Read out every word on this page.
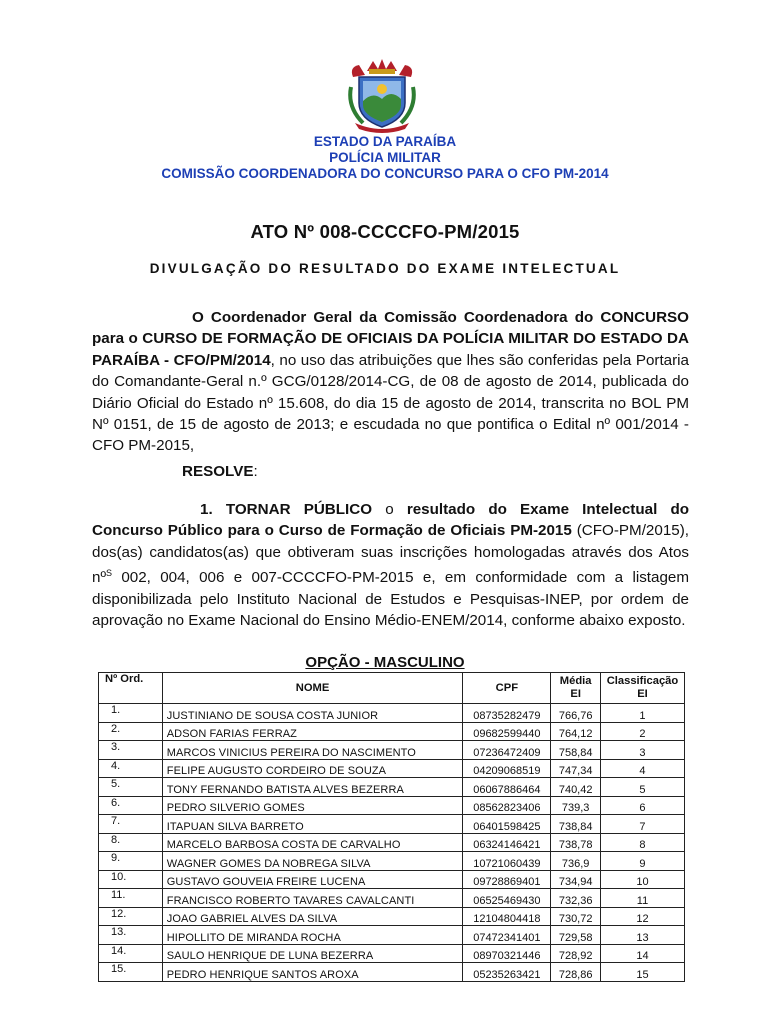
ESTADO DA PARAÍBA
POLÍCIA MILITAR
COMISSÃO COORDENADORA DO CONCURSO PARA O CFO PM-2014
ATO Nº 008-CCCCFO-PM/2015
DIVULGAÇÃO DO RESULTADO DO EXAME INTELECTUAL
O Coordenador Geral da Comissão Coordenadora do CONCURSO para o CURSO DE FORMAÇÃO DE OFICIAIS DA POLÍCIA MILITAR DO ESTADO DA PARAÍBA - CFO/PM/2014, no uso das atribuições que lhes são conferidas pela Portaria do Comandante-Geral n.º GCG/0128/2014-CG, de 08 de agosto de 2014, publicada do Diário Oficial do Estado nº 15.608, do dia 15 de agosto de 2014, transcrita no BOL PM Nº 0151, de 15 de agosto de 2013; e escudada no que pontifica o Edital nº 001/2014 - CFO PM-2015,
RESOLVE:
1. TORNAR PÚBLICO o resultado do Exame Intelectual do Concurso Público para o Curso de Formação de Oficiais PM-2015 (CFO-PM/2015), dos(as) candidatos(as) que obtiveram suas inscrições homologadas através dos Atos nº$^S$ 002, 004, 006 e 007-CCCCFO-PM-2015 e, em conformidade com a listagem disponibilizada pelo Instituto Nacional de Estudos e Pesquisas-INEP, por ordem de aprovação no Exame Nacional do Ensino Médio-ENEM/2014, conforme abaixo exposto.
OPÇÃO - MASCULINO
Nº Ord.	NOME	CPF	Média EI	Classificação EI
1.	JUSTINIANO DE SOUSA COSTA JUNIOR	08735282479	766,76	1
2.	ADSON FARIAS FERRAZ	09682599440	764,12	2
3.	MARCOS VINICIUS PEREIRA DO NASCIMENTO	07236472409	758,84	3
4.	FELIPE AUGUSTO CORDEIRO DE SOUZA	04209068519	747,34	4
5.	TONY FERNANDO BATISTA ALVES BEZERRA	06067886464	740,42	5
6.	PEDRO SILVERIO GOMES	08562823406	739,3	6
7.	ITAPUAN SILVA BARRETO	06401598425	738,84	7
8.	MARCELO BARBOSA COSTA DE CARVALHO	06324146421	738,78	8
9.	WAGNER GOMES DA NOBREGA SILVA	10721060439	736,9	9
10.	GUSTAVO GOUVEIA FREIRE LUCENA	09728869401	734,94	10
11.	FRANCISCO ROBERTO TAVARES CAVALCANTI	06525469430	732,36	11
12.	JOAO GABRIEL ALVES DA SILVA	12104804418	730,72	12
13.	HIPOLLITO DE MIRANDA ROCHA	07472341401	729,58	13
14.	SAULO HENRIQUE DE LUNA BEZERRA	08970321446	728,92	14
15.	PEDRO HENRIQUE SANTOS AROXA	05235263421	728,86	15
